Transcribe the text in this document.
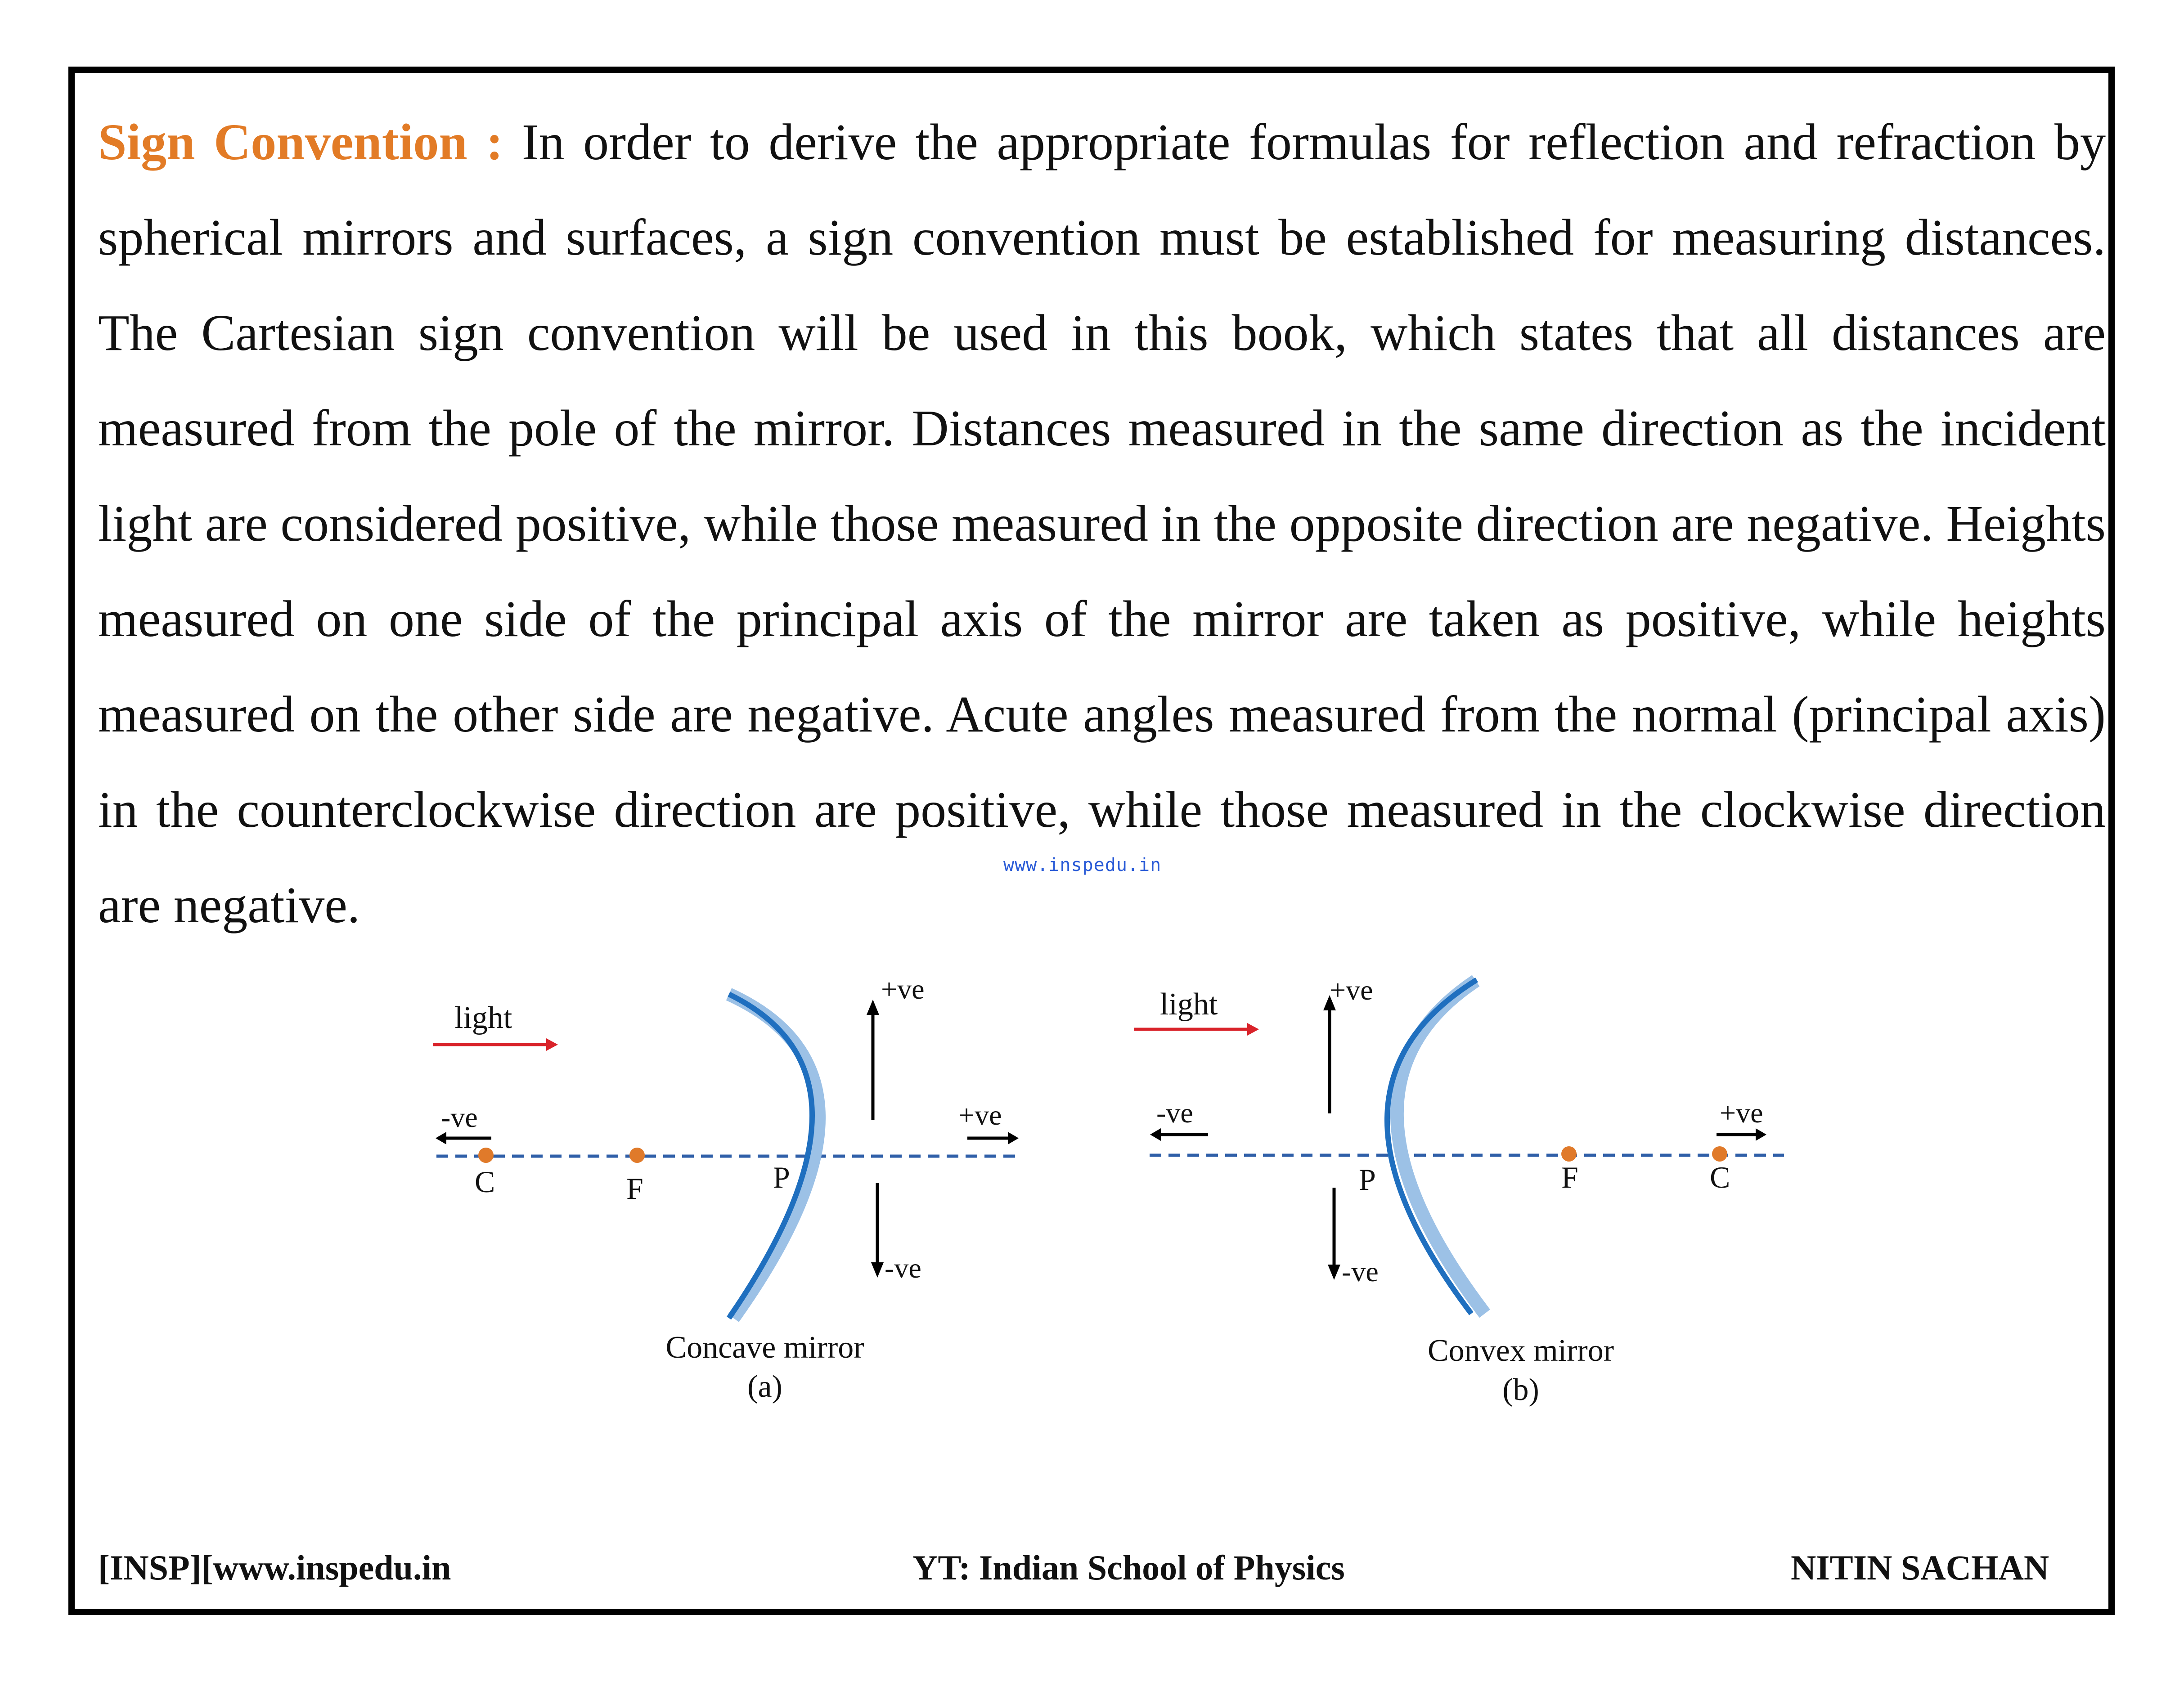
Sign Convention : In order to derive the appropriate formulas for reflection and refraction by spherical mirrors and surfaces, a sign convention must be established for measuring distances. The Cartesian sign convention will be used in this book, which states that all distances are measured from the pole of the mirror. Distances measured in the same direction as the incident light are considered positive, while those measured in the opposite direction are negative. Heights measured on one side of the principal axis of the mirror are taken as positive, while heights measured on the other side are negative. Acute angles measured from the normal (principal axis) in the counterclockwise direction are positive, while those measured in the clockwise direction are negative.

www.inspedu.in
light
-ve	+ve
+ve
-ve
C	F	P
Concave mirror
(a)
light
-ve	+ve
+ve
-ve
F	C
P
Convex mirror
(b)
[INSP][www.inspedu.in	YT: Indian School of Physics	NITIN SACHAN
